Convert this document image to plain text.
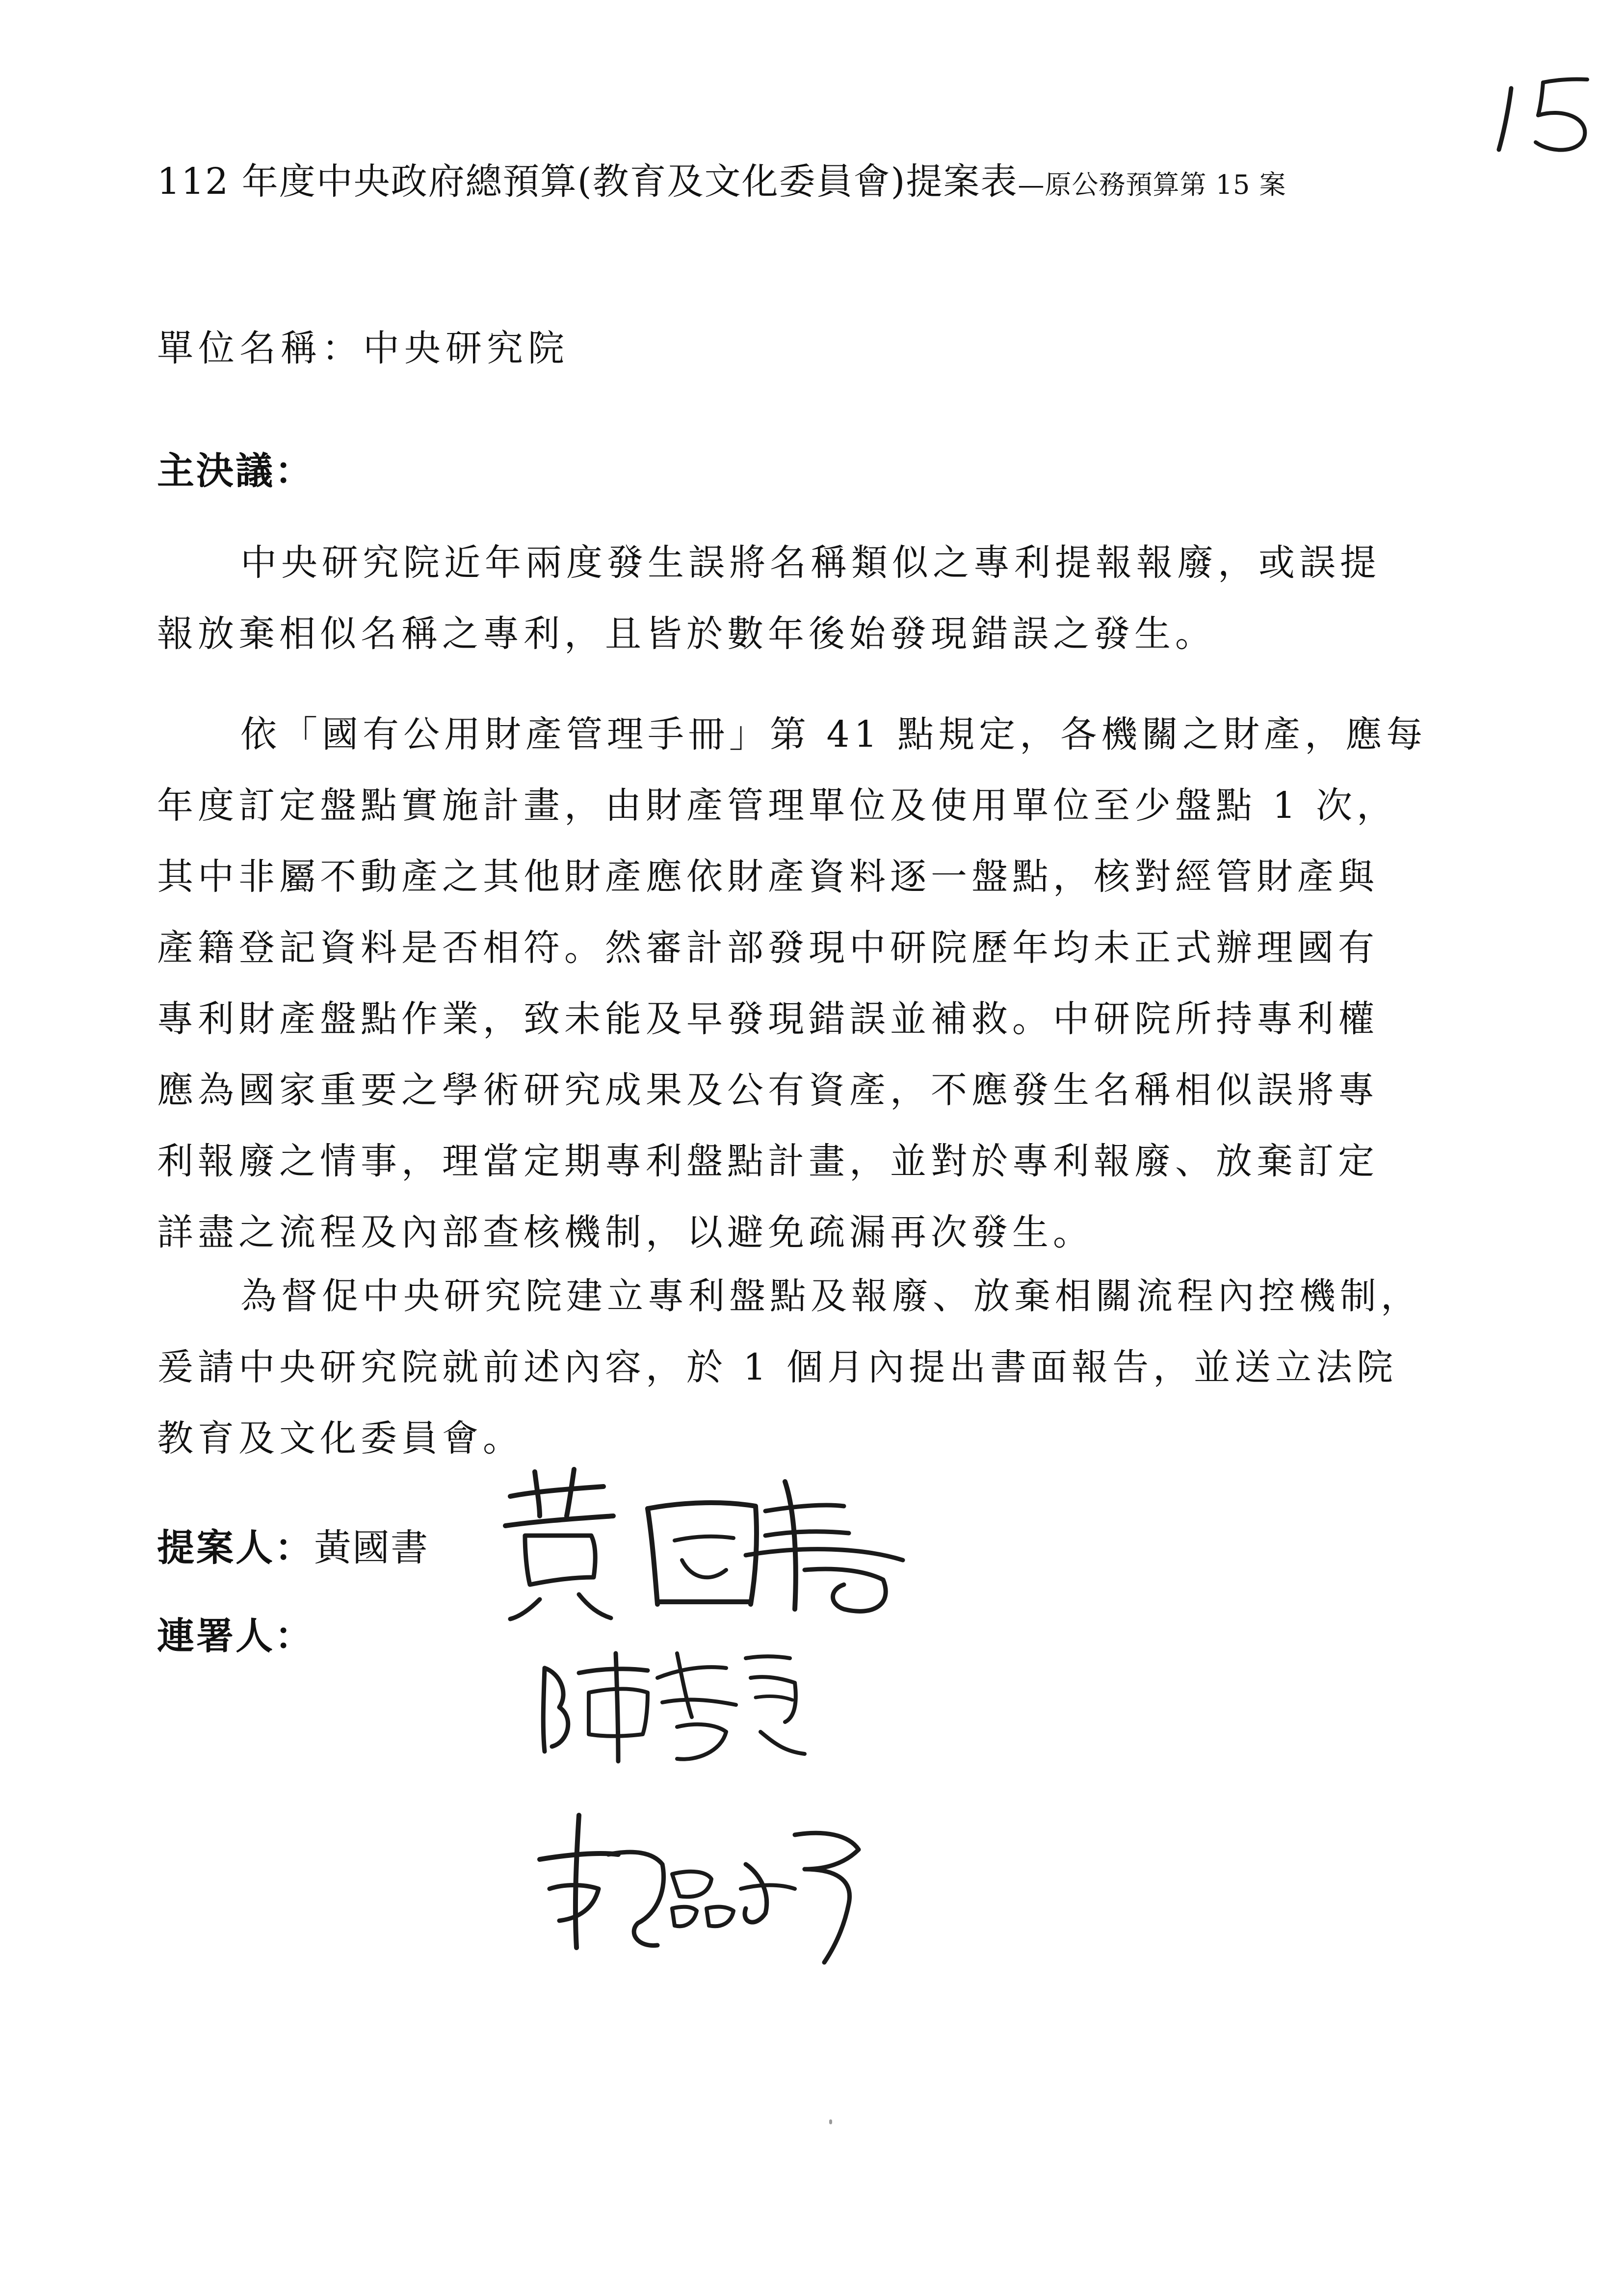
112 年度中央政府總預算(教育及文化委員會)提案表—原公務預算第 15 案
單位名稱：中央研究院
主決議：
中央研究院近年兩度發生誤將名稱類似之專利提報報廢，或誤提
報放棄相似名稱之專利，且皆於數年後始發現錯誤之發生。
依「國有公用財產管理手冊」第 41 點規定，各機關之財產，應每
年度訂定盤點實施計畫，由財產管理單位及使用單位至少盤點 1 次，
其中非屬不動產之其他財產應依財產資料逐一盤點，核對經管財產與
產籍登記資料是否相符。然審計部發現中研院歷年均未正式辦理國有
專利財產盤點作業，致未能及早發現錯誤並補救。中研院所持專利權
應為國家重要之學術研究成果及公有資產，不應發生名稱相似誤將專
利報廢之情事，理當定期專利盤點計畫，並對於專利報廢、放棄訂定
詳盡之流程及內部查核機制，以避免疏漏再次發生。
為督促中央研究院建立專利盤點及報廢、放棄相關流程內控機制，
爰請中央研究院就前述內容，於 1 個月內提出書面報告，並送立法院
教育及文化委員會。
提案人：黃國書
連署人：
